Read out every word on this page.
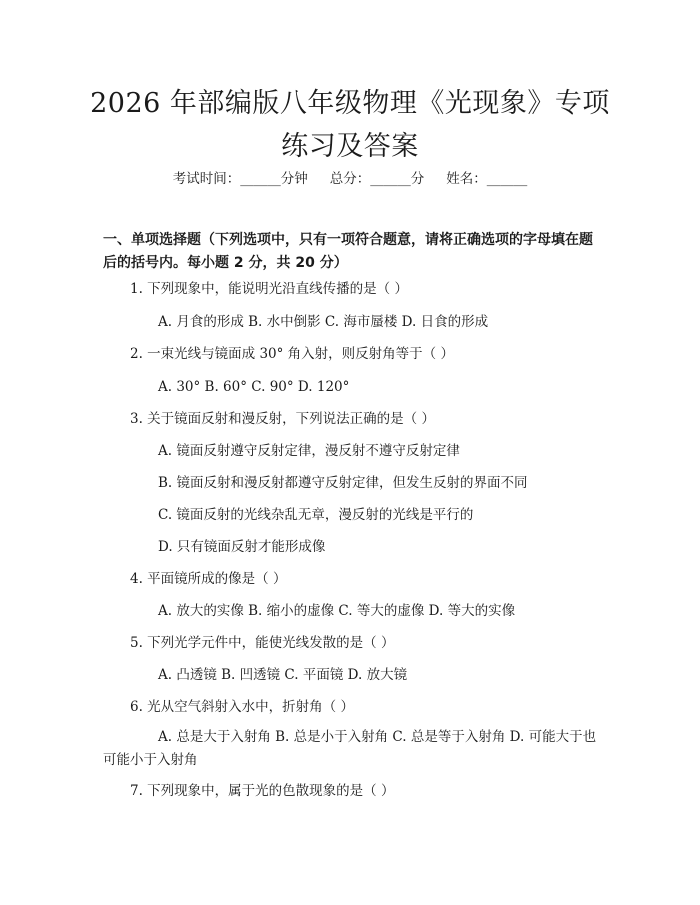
2026 年部编版八年级物理《光现象》专项练习及答案
考试时间：______分钟 总分：______分 姓名：______
一、单项选择题（下列选项中，只有一项符合题意，请将正确选项的字母填在题后的括号内。每小题 2 分，共 20 分）
1. 下列现象中，能说明光沿直线传播的是（ ）
A. 月食的形成 B. 水中倒影 C. 海市蜃楼 D. 日食的形成
2. 一束光线与镜面成 30° 角入射，则反射角等于（ ）
A. 30° B. 60° C. 90° D. 120°
3. 关于镜面反射和漫反射，下列说法正确的是（ ）
A. 镜面反射遵守反射定律，漫反射不遵守反射定律
B. 镜面反射和漫反射都遵守反射定律，但发生反射的界面不同
C. 镜面反射的光线杂乱无章，漫反射的光线是平行的
D. 只有镜面反射才能形成像
4. 平面镜所成的像是（ ）
A. 放大的实像 B. 缩小的虚像 C. 等大的虚像 D. 等大的实像
5. 下列光学元件中，能使光线发散的是（ ）
A. 凸透镜 B. 凹透镜 C. 平面镜 D. 放大镜
6. 光从空气斜射入水中，折射角（ ）
A. 总是大于入射角 B. 总是小于入射角 C. 总是等于入射角 D. 可能大于也可能小于入射角
7. 下列现象中，属于光的色散现象的是（ ）
